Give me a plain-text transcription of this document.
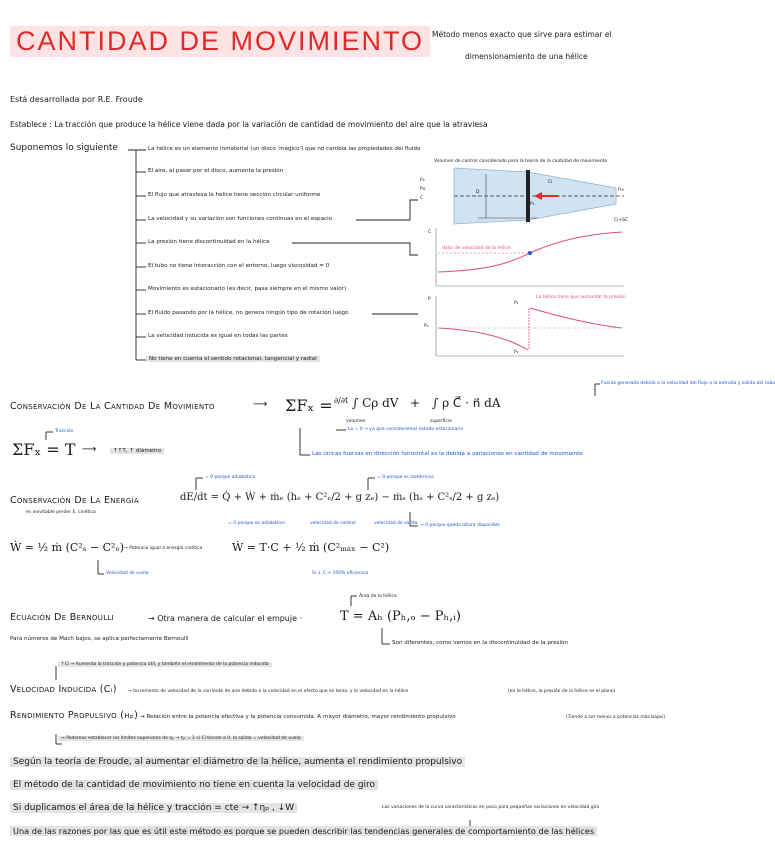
CANTIDAD DE MOVIMIENTO	Método menos exacto que sirve para estimar el
dimensionamiento de una hélice
Está desarrollada por R.E. Froude
Establece : La tracción que produce la hélice viene dada por la variación de cantidad de movimiento del aire que la atraviesa
Suponemos lo siguiente	La hélice es un elemento inmaterial (un disco 'mágico') que no cambia las propiedades del fluido
El aire, al pasar por el disco, aumenta la presión
El flujo que atraviesa la hélice tiene sección circular uniforme
La velocidad y su variación son funciones continuas en el espacio
La presión tiene discontinuidad en la hélice
El tubo no tiene interacción con el entorno, luego viscosidad = 0
Movimiento es estacionario (es decir, pasa siempre en el mismo valor)
El fluido pasando por la hélice, no genera ningún tipo de rotación luego
La velocidad inducida es igual en todas las partes
No tiene en cuenta el sentido rotacional, tangencial y radial
Volumen de control considerado para la teoría de la cantidad de movimiento
P₀
Pv
C
D
Ci
P₁
P∞
Ci+SC
C
Valor de velocidad de la hélice
P
P₀
P₁
P₂
La hélice tiene que aumentar la presión
Fuerza generada debido a la velocidad del flujo a la entrada y salida del tubo
Conservación De La Cantidad De Movimiento	⟶ ΣFₓ = ∂/∂t ∫ Cρ dV
volumen
+ ∫ ρ C⃗ · n⃗ dA
superficie
Lo = 0 → ya que consideramos estado estacionario
Las únicas fuerzas en dirección horizontal es la debida a variaciones en cantidad de movimiento
Tracción
ΣFₓ = T ⟶	↑↑T, ↑ diámetro
= 0 porque adiabático	= 0 porque es isotérmico
Conservación De La Energía
es inevitable perder E. cinética
dE/dt = Q̇ + Ẇ + ṁₑ (hₑ + C²ₑ/2 + g zₑ) − ṁₛ (hₛ + C²ₛ/2 + g zₛ)
= 0 porque es adiabático	velocidad de control	velocidad de salida → 0 porque queda altura disponible
Ẇ = ½ ṁ (C²ₛ − C²ₑ) → Potencia igual a energía cinética
Velocidad de vuelo
Ẇ = T·C + ½ ṁ (C²ₘₐₓ − C²)
Si ↓ C → 100% eficiencia
Área de la hélice
Ecuación De Bernoulli	→ Otra manera de calcular el empuje ·	T = Aₕ (Pₕ,ₒ − Pₕ,ᵢ)
Son diferentes, como vemos en la discontinuidad de la presión
Para números de Mach bajos, se aplica perfectamente Bernoulli
↑Ci → Aumenta la tracción y potencia útil, y también el rendimiento de la potencia inducida
Velocidad Inducida (Cᵢ)	→ Incremento de velocidad de la corriente de aire debido a la velocidad en el efecto que se tenía, y la velocidad en la hélice	(en la hélice, la presión de la hélice es el plano)
Rendimiento Propulsivo (ηₚ) → Relación entre la potencia efectiva y la potencia consumida. A mayor diámetro, mayor rendimiento propulsivo	(Tiende a ser menor a potencias más bajas)
→ Podemos establecer los límites superiores de ηₚ → ηₚ = 1 si Ci tiende a 0, la salida = velocidad de vuelo
Según la teoría de Froude, al aumentar el diámetro de la hélice, aumenta el rendimiento propulsivo
El método de la cantidad de movimiento no tiene en cuenta la velocidad de giro
Si duplicamos el área de la hélice y tracción = cte → ↑ηₚ , ↓W	Las variaciones de la curva características en poco para pequeñas variaciones en velocidad giro
Una de las razones por las que es útil este método es porque se pueden describir las tendencias generales de comportamiento de las hélices
